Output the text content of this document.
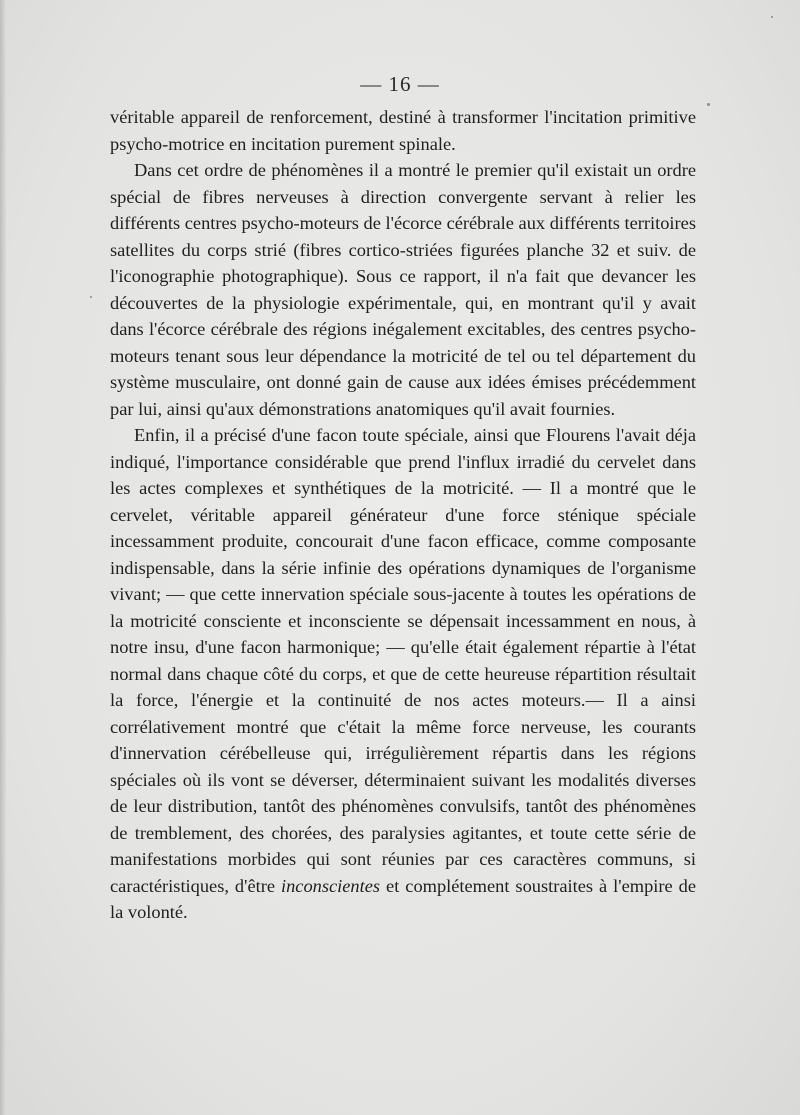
— 16 —

véritable appareil de renforcement, destiné à transformer l'incitation primitive psycho-motrice en incitation purement spinale.

Dans cet ordre de phénomènes il a montré le premier qu'il existait un ordre spécial de fibres nerveuses à direction convergente servant à relier les différents centres psycho-moteurs de l'écorce cérébrale aux différents territoires satellites du corps strié (fibres cortico-striées figurées planche 32 et suiv. de l'iconographie photographique). Sous ce rapport, il n'a fait que devancer les découvertes de la physiologie expérimentale, qui, en montrant qu'il y avait dans l'écorce cérébrale des régions inégalement excitables, des centres psycho-moteurs tenant sous leur dépendance la motricité de tel ou tel département du système musculaire, ont donné gain de cause aux idées émises précédemment par lui, ainsi qu'aux démonstrations anatomiques qu'il avait fournies.

Enfin, il a précisé d'une facon toute spéciale, ainsi que Flourens l'avait déja indiqué, l'importance considérable que prend l'influx irradié du cervelet dans les actes complexes et synthétiques de la motricité. — Il a montré que le cervelet, véritable appareil générateur d'une force sténique spéciale incessamment produite, concourait d'une facon efficace, comme composante indispensable, dans la série infinie des opérations dynamiques de l'organisme vivant; — que cette innervation spéciale sous-jacente à toutes les opérations de la motricité consciente et inconsciente se dépensait incessamment en nous, à notre insu, d'une facon harmonique; — qu'elle était également répartie à l'état normal dans chaque côté du corps, et que de cette heureuse répartition résultait la force, l'énergie et la continuité de nos actes moteurs.— Il a ainsi corrélativement montré que c'était la même force nerveuse, les courants d'innervation cérébelleuse qui, irrégulièrement répartis dans les régions spéciales où ils vont se déverser, déterminaient suivant les modalités diverses de leur distribution, tantôt des phénomènes convulsifs, tantôt des phénomènes de tremblement, des chorées, des paralysies agitantes, et toute cette série de manifestations morbides qui sont réunies par ces caractères communs, si caractéristiques, d'être inconscientes et complétement soustraites à l'empire de la volonté.
